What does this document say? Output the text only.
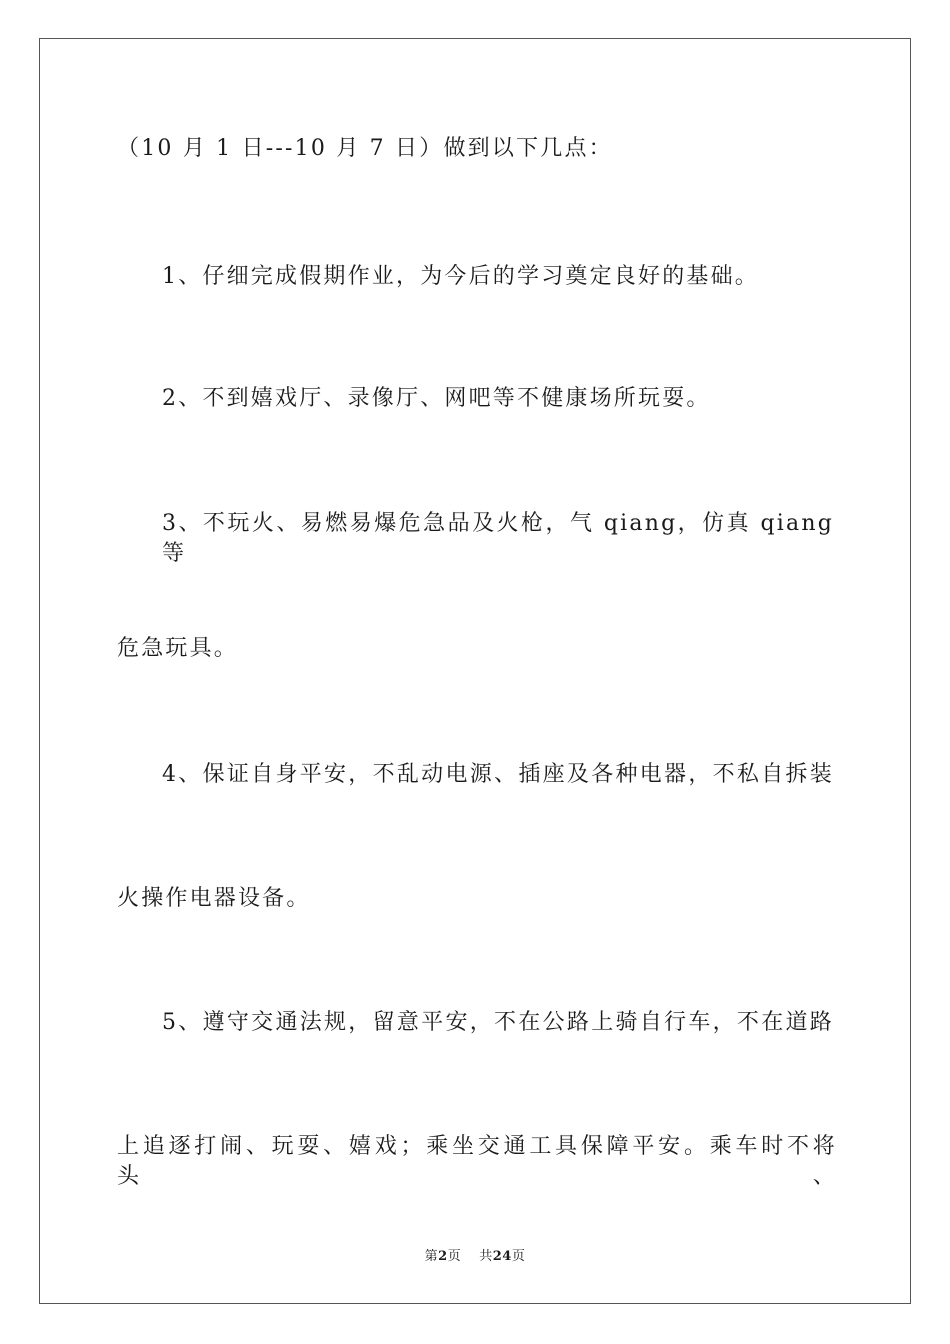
（10 月 1 日---10 月 7 日）做到以下几点：
1、仔细完成假期作业，为今后的学习奠定良好的基础。
2、不到嬉戏厅、录像厅、网吧等不健康场所玩耍。
3、不玩火、易燃易爆危急品及火枪，气 qiang，仿真 qiang 等
危急玩具。
4、保证自身平安，不乱动电源、插座及各种电器，不私自拆装
火操作电器设备。
5、遵守交通法规，留意平安，不在公路上骑自行车，不在道路
上追逐打闹、玩耍、嬉戏；乘坐交通工具保障平安。乘车时不将头、
第2页 共24页
